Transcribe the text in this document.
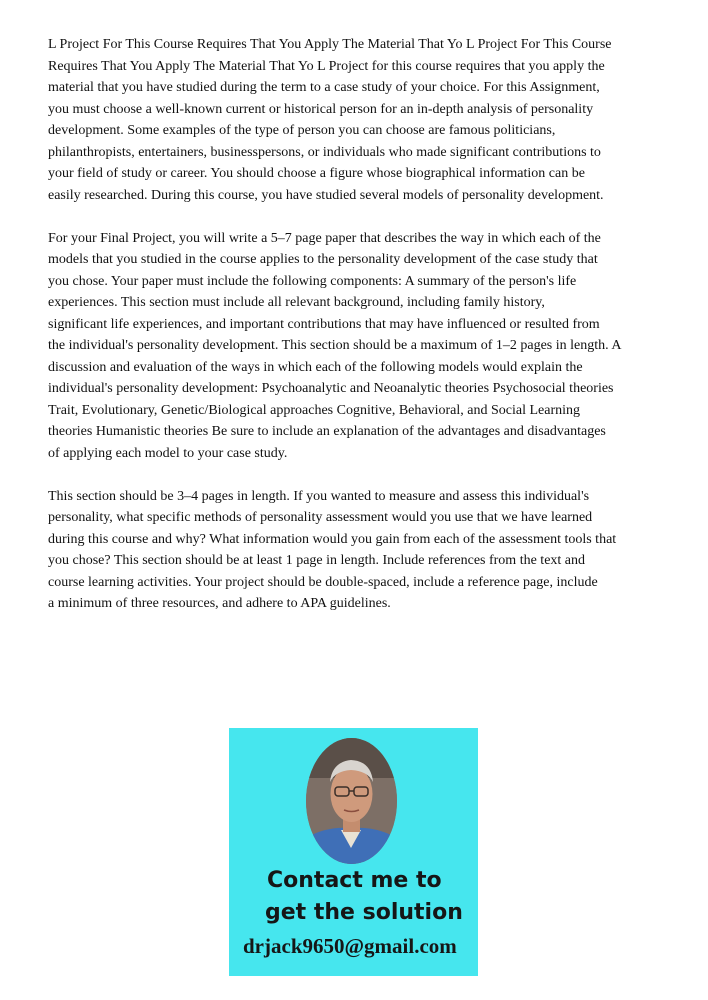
L Project For This Course Requires That You Apply The Material That Yo L Project For This Course
Requires That You Apply The Material That Yo L Project for this course requires that you apply the
material that you have studied during the term to a case study of your choice. For this Assignment,
you must choose a well-known current or historical person for an in-depth analysis of personality
development. Some examples of the type of person you can choose are famous politicians,
philanthropists, entertainers, businesspersons, or individuals who made significant contributions to
your field of study or career. You should choose a figure whose biographical information can be
easily researched. During this course, you have studied several models of personality development.

For your Final Project, you will write a 5–7 page paper that describes the way in which each of the
models that you studied in the course applies to the personality development of the case study that
you chose. Your paper must include the following components: A summary of the person's life
experiences. This section must include all relevant background, including family history,
significant life experiences, and important contributions that may have influenced or resulted from
the individual's personality development. This section should be a maximum of 1–2 pages in length. A
discussion and evaluation of the ways in which each of the following models would explain the
individual's personality development: Psychoanalytic and Neoanalytic theories Psychosocial theories
Trait, Evolutionary, Genetic/Biological approaches Cognitive, Behavioral, and Social Learning
theories Humanistic theories Be sure to include an explanation of the advantages and disadvantages
of applying each model to your case study.

This section should be 3–4 pages in length. If you wanted to measure and assess this individual's
personality, what specific methods of personality assessment would you use that we have learned
during this course and why? What information would you gain from each of the assessment tools that
you chose? This section should be at least 1 page in length. Include references from the text and
course learning activities. Your project should be double-spaced, include a reference page, include
a minimum of three resources, and adhere to APA guidelines.

Contact me to
get the solution
drjack9650@gmail.com
